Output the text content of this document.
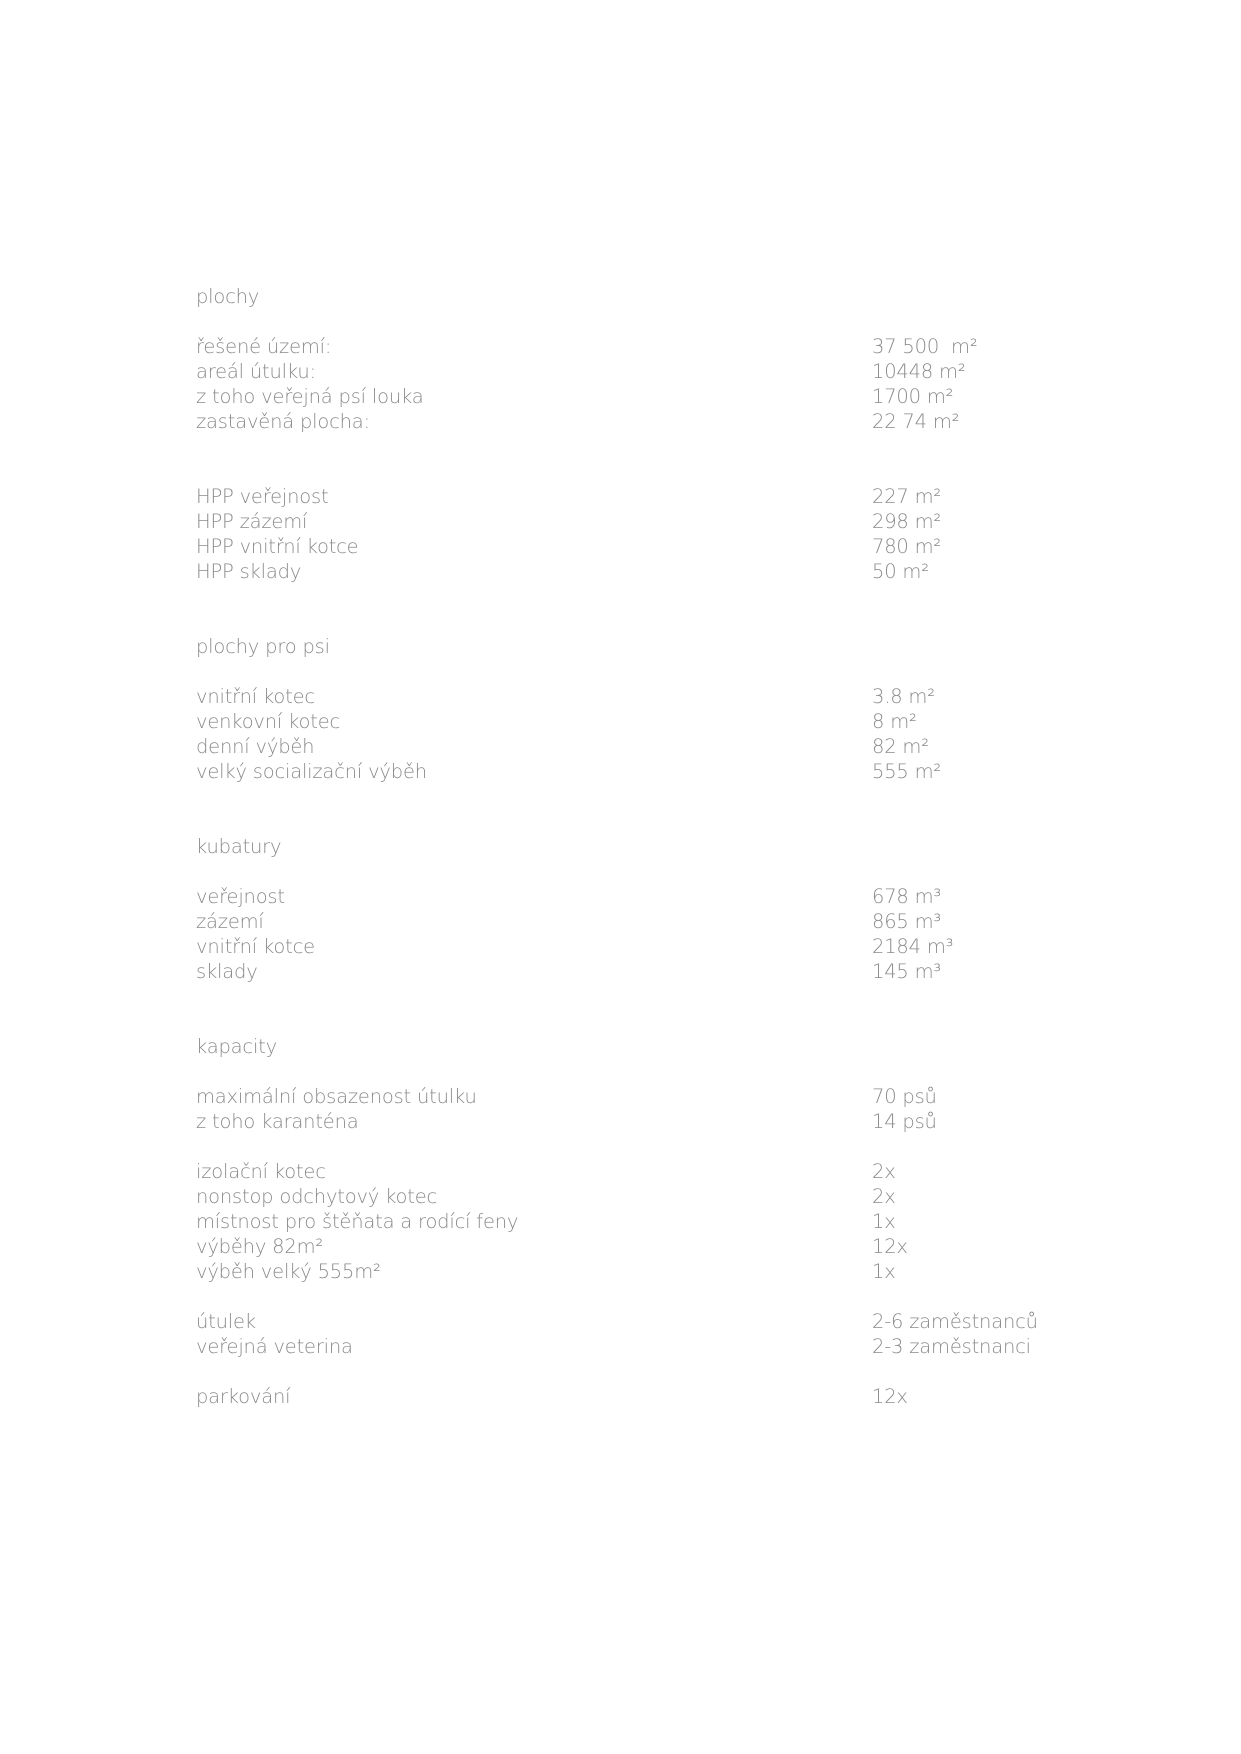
plochy
řešené území:	37 500  m²
areál útulku:	10448 m²
z toho veřejná psí louka	1700 m²
zastavěná plocha:	22 74 m²
HPP veřejnost	227 m²
HPP zázemí	298 m²
HPP vnitřní kotce	780 m²
HPP sklady	50 m²
plochy pro psi
vnitřní kotec	3.8 m²
venkovní kotec	8 m²
denní výběh	82 m²
velký socializační výběh	555 m²
kubatury
veřejnost	678 m³
zázemí	865 m³
vnitřní kotce	2184 m³
sklady	145 m³
kapacity
maximální obsazenost útulku	70 psů
z toho karanténa	14 psů
izolační kotec	2x
nonstop odchytový kotec	2x
místnost pro štěňata a rodící feny	1x
výběhy 82m²	12x
výběh velký 555m²	1x
útulek	2-6 zaměstnanců
veřejná veterina	2-3 zaměstnanci
parkování	12x
